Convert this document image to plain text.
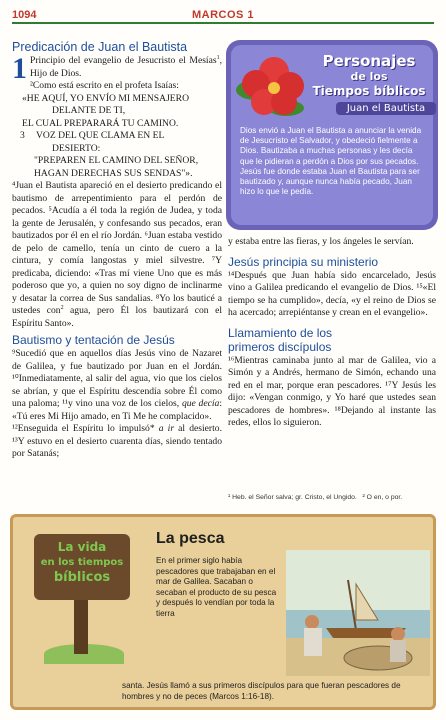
1094	MARCOS 1
Predicación de Juan el Bautista

1 Principio del evangelio de Jesucristo el Mesías$^1$, Hijo de Dios.

²Como está escrito en el profeta Isaías:

«HE AQUÍ, YO ENVÍO MI MENSAJERO
DELANTE DE TI,
EL CUAL PREPARARÁ TU CAMINO.
3 VOZ DEL QUE CLAMA EN EL
DESIERTO:
"PREPAREN EL CAMINO DEL SEÑOR,
HAGAN DERECHAS SUS SENDAS"».

⁴Juan el Bautista apareció en el desierto predicando el bautismo de arrepentimiento para el perdón de pecados. ⁵Acudía a él toda la región de Judea, y toda la gente de Jerusalén, y confesando sus pecados, eran bautizados por él en el río Jordán. ⁶Juan estaba vestido de pelo de camello, tenía un cinto de cuero a la cintura, y comía langostas y miel silvestre. ⁷Y predicaba, diciendo: «Tras mí viene Uno que es más poderoso que yo, a quien no soy digno de inclinarme y desatar la correa de Sus sandalias. ⁸Yo los bauticé a ustedes con$^2$ agua, pero Él los bautizará con el Espíritu Santo».

Bautismo y tentación de Jesús

⁹Sucedió que en aquellos días Jesús vino de Nazaret de Galilea, y fue bautizado por Juan en el Jordán. ¹⁰Inmediatamente, al salir del agua, vio que los cielos se abrían, y que el Espíritu descendía sobre Él como una paloma; ¹¹y vino una voz de los cielos, que decía: «Tú eres Mi Hijo amado, en Ti Me he complacido».

¹²Enseguida el Espíritu lo impulsó* a ir al desierto. ¹³Y estuvo en el desierto cuarenta días, siendo tentado por Satanás;

Personajes
de los
Tiempos bíblicos
Juan el Bautista
Dios envió a Juan el Bautista a anunciar la venida de Jesucristo el Salvador, y obedeció fielmente a Dios. Bautizaba a muchas personas y les decía que le pidieran a perdón a Dios por sus pecados. Jesús fue donde estaba Juan el Bautista para ser bautizado y, aunque nunca había pecado, Juan hizo lo que le pedía.

y estaba entre las fieras, y los ángeles le servían.

Jesús principia su ministerio

¹⁴Después que Juan había sido encarcelado, Jesús vino a Galilea predicando el evangelio de Dios. ¹⁵«El tiempo se ha cumplido», decía, «y el reino de Dios se ha acercado; arrepiéntanse y crean en el evangelio».

Llamamiento de los
primeros discípulos

¹⁶Mientras caminaba junto al mar de Galilea, vio a Simón y a Andrés, hermano de Simón, echando una red en el mar, porque eran pescadores. ¹⁷Y Jesús les dijo: «Vengan conmigo, y Yo haré que ustedes sean pescadores de hombres». ¹⁸Dejando al instante las redes, ellos lo siguieron.

¹ Heb. el Señor salva; gr. Cristo, el Ungido. ² O en, o por.
La vida
en los tiempos
bíblicos
La pesca
En el primer siglo había pescadores que trabajaban en el mar de Galilea. Sacaban o secaban el producto de su pesca y después lo vendían por toda la tierra
santa. Jesús llamó a sus primeros discípulos para que fueran pescadores de hombres y no de peces (Marcos 1:16-18).
